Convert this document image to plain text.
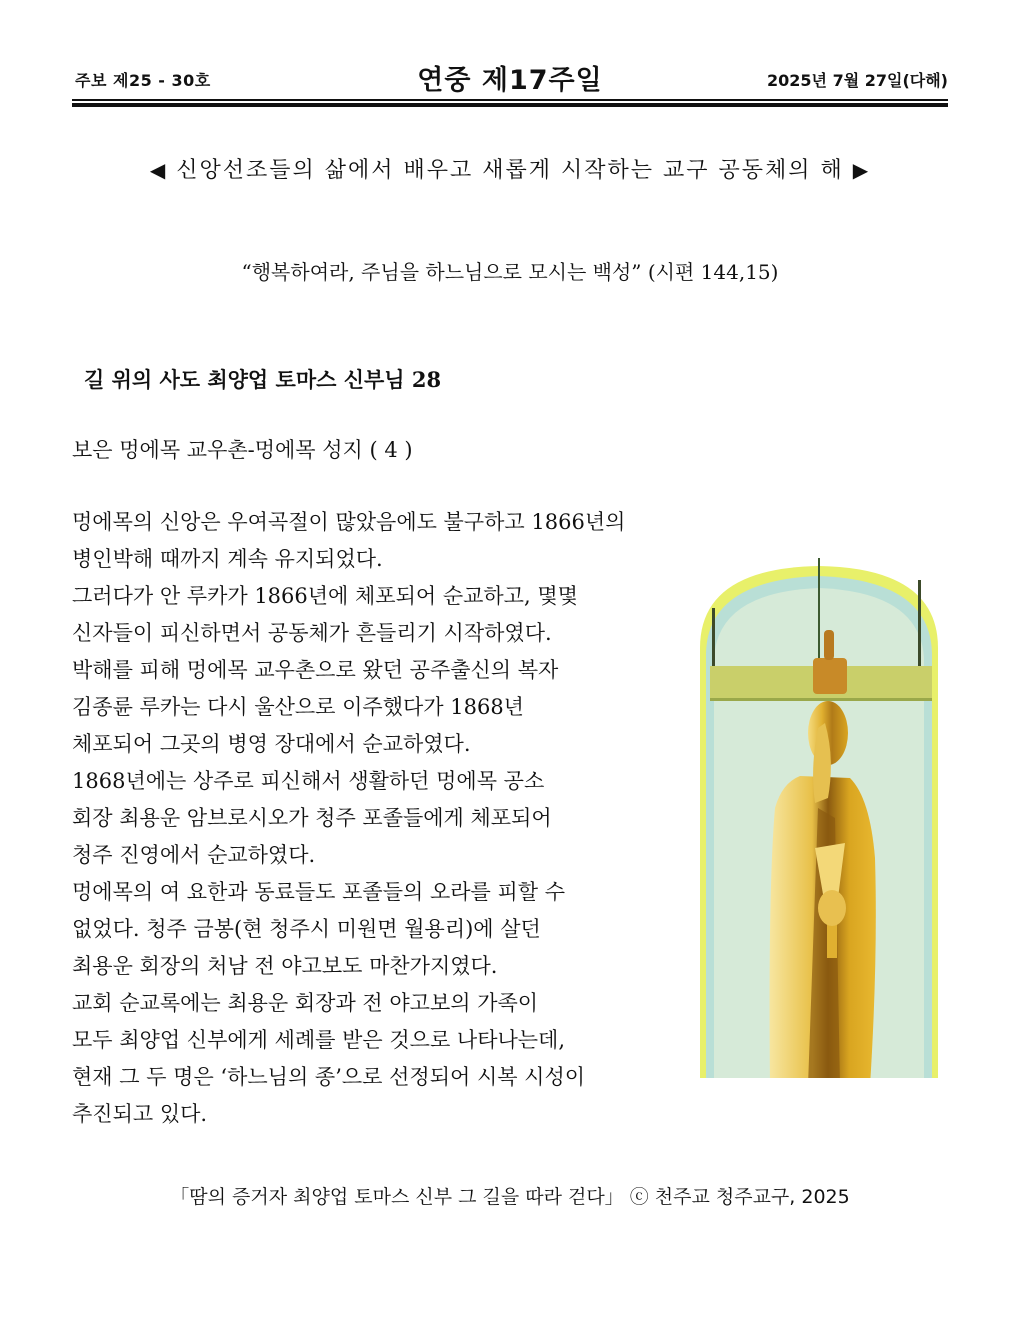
주보 제25 - 30호	연중 제17주일	2025년 7월 27일(다해)
◀ 신앙선조들의 삶에서 배우고 새롭게 시작하는 교구 공동체의 해 ▶
“행복하여라, 주님을 하느님으로 모시는 백성” (시편 144,15)
길 위의 사도 최양업 토마스 신부님 28
보은 멍에목 교우촌-멍에목 성지 ( 4 )
멍에목의 신앙은 우여곡절이 많았음에도 불구하고 1866년의
병인박해 때까지 계속 유지되었다.
그러다가 안 루카가 1866년에 체포되어 순교하고, 몇몇
신자들이 피신하면서 공동체가 흔들리기 시작하였다.
박해를 피해 멍에목 교우촌으로 왔던 공주출신의 복자
김종륜 루카는 다시 울산으로 이주했다가 1868년
체포되어 그곳의 병영 장대에서 순교하였다.
1868년에는 상주로 피신해서 생활하던 멍에목 공소
회장 최용운 암브로시오가 청주 포졸들에게 체포되어
청주 진영에서 순교하였다.
멍에목의 여 요한과 동료들도 포졸들의 오라를 피할 수
없었다. 청주 금봉(현 청주시 미원면 월용리)에 살던
최용운 회장의 처남 전 야고보도 마찬가지였다.
교회 순교록에는 최용운 회장과 전 야고보의 가족이
모두 최양업 신부에게 세례를 받은 것으로 나타나는데,
현재 그 두 명은 ‘하느님의 종’으로 선정되어 시복 시성이
추진되고 있다.
「땀의 증거자 최양업 토마스 신부 그 길을 따라 걷다」 ⓒ 천주교 청주교구, 2025
